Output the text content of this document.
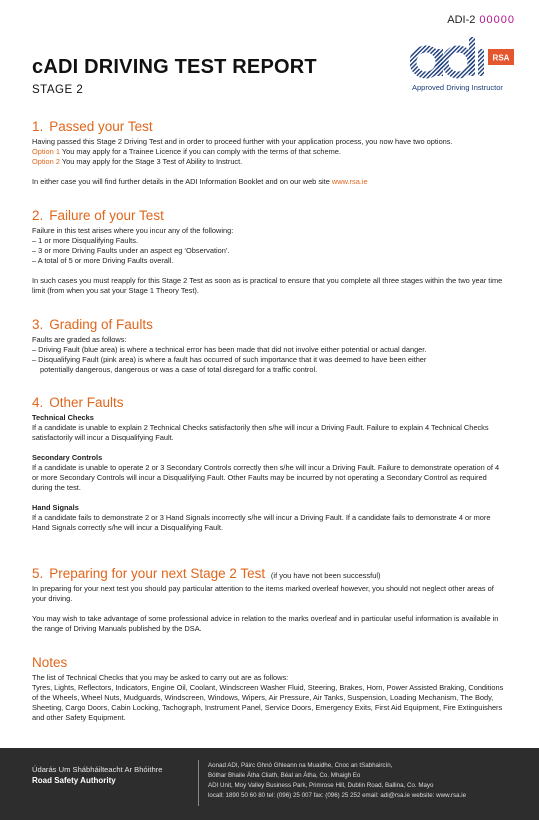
ADI-2 00000
cADI DRIVING TEST REPORT
STAGE 2
RSA
Approved Driving Instructor
1. Passed your Test

Having passed this Stage 2 Driving Test and in order to proceed further with your application process, you now have two options.

Option 1 You may apply for a Trainee Licence if you can comply with the terms of that scheme.

Option 2 You may apply for the Stage 3 Test of Ability to Instruct.

In either case you will find further details in the ADI Information Booklet and on our web site www.rsa.ie

2. Failure of your Test

Failure in this test arises where you incur any of the following:

– 1 or more Disqualifying Faults.

– 3 or more Driving Faults under an aspect eg ‘Observation’.

– A total of 5 or more Driving Faults overall.

In such cases you must reapply for this Stage 2 Test as soon as is practical to ensure that you complete all three stages within the two year time limit (from when you sat your Stage 1 Theory Test).

3. Grading of Faults

Faults are graded as follows:

– Driving Fault (blue area) is where a technical error has been made that did not involve either potential or actual danger.

– Disqualifying Fault (pink area) is where a fault has occurred of such importance that it was deemed to have been either

potentially dangerous, dangerous or was a case of total disregard for a traffic control.

4. Other Faults

Technical Checks

If a candidate is unable to explain 2 Technical Checks satisfactorily then s/he will incur a Driving Fault. Failure to explain 4 Technical Checks satisfactorily will incur a Disqualifying Fault.

Secondary Controls

If a candidate is unable to operate 2 or 3 Secondary Controls correctly then s/he will incur a Driving Fault. Failure to demonstrate operation of 4 or more Secondary Controls will incur a Disqualifying Fault. Other Faults may be incurred by not operating a Secondary Control as required during the test.

Hand Signals

If a candidate fails to demonstrate 2 or 3 Hand Signals incorrectly s/he will incur a Driving Fault. If a candidate fails to demonstrate 4 or more Hand Signals correctly s/he will incur a Disqualifying Fault.

5. Preparing for your next Stage 2 Test (if you have not been successful)

In preparing for your next test you should pay particular attention to the items marked overleaf however, you should not neglect other areas of your driving.

You may wish to take advantage of some professional advice in relation to the marks overleaf and in particular useful information is available in the range of Driving Manuals published by the DSA.

Notes

The list of Technical Checks that you may be asked to carry out are as follows:

Tyres, Lights, Reflectors, Indicators, Engine Oil, Coolant, Windscreen Washer Fluid, Steering, Brakes, Horn, Power Assisted Braking, Conditions of the Wheels, Wheel Nuts, Mudguards, Windscreen, Windows, Wipers, Air Pressure, Air Tanks, Suspension, Loading Mechanism, The Body, Sheeting, Cargo Doors, Cabin Locking, Tachograph, Instrument Panel, Service Doors, Emergency Exits, First Aid Equipment, Fire Extinguishers and other Safety Equipment.

Údarás Um Shábháilteacht Ar Bhóithre
Road Safety Authority
Aonad ADI, Páirc Ghnó Ghleann na Muaidhe, Cnoc an tSabhaircín,
Bóthar Bhaile Átha Cliath, Béal an Átha, Co. Mhaigh Eo
ADI Unit, Moy Valley Business Park, Primrose Hill, Dublin Road, Ballina, Co. Mayo
locall: 1890 50 60 80 tel: (096) 25 007 fax: (096) 25 252 email: adi@rsa.ie website: www.rsa.ie
